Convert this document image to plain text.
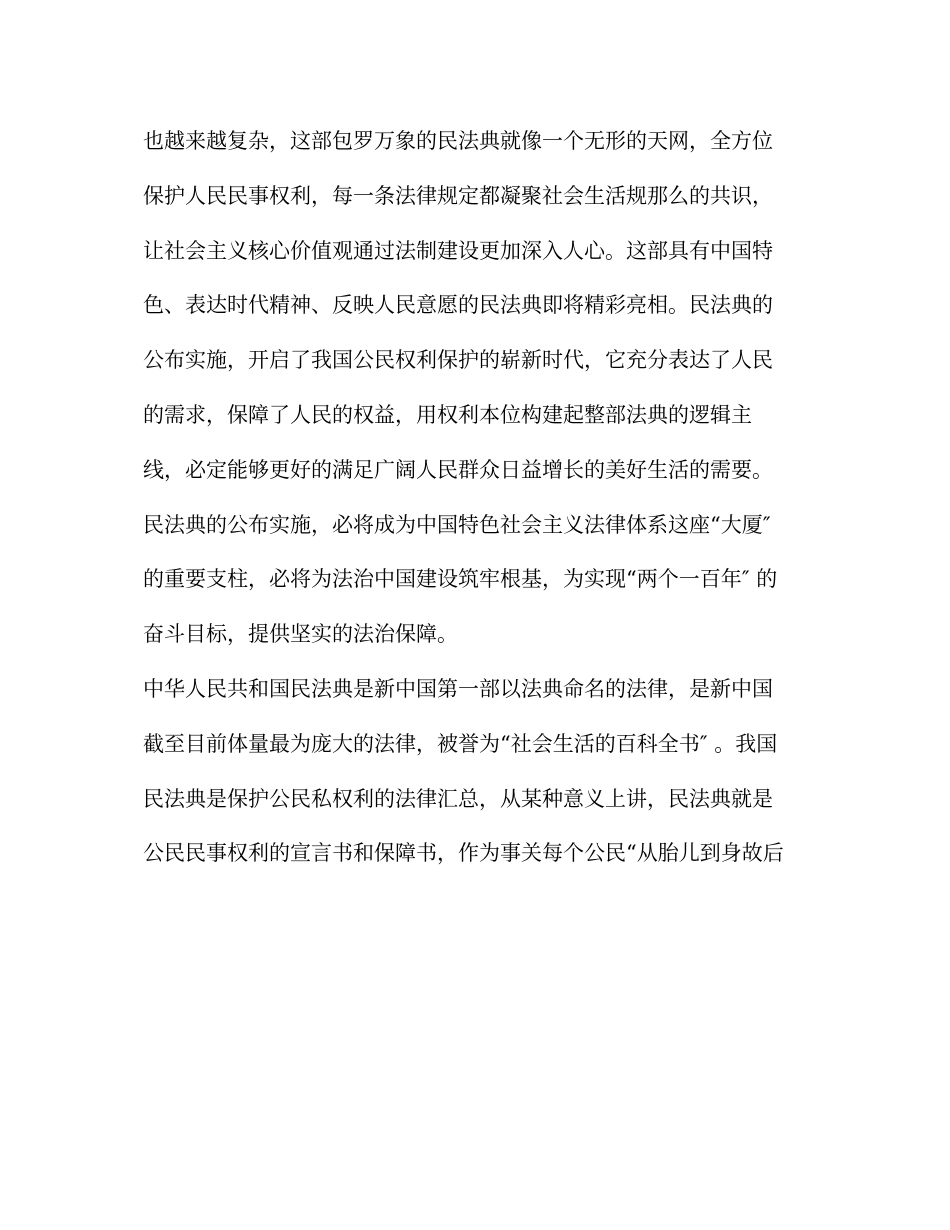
也越来越复杂，这部包罗万象的民法典就像一个无形的天网，全方位
保护人民民事权利，每一条法律规定都凝聚社会生活规那么的共识，
让社会主义核心价值观通过法制建设更加深入人心。这部具有中国特
色、表达时代精神、反映人民意愿的民法典即将精彩亮相。民法典的
公布实施，开启了我国公民权利保护的崭新时代，它充分表达了人民
的需求，保障了人民的权益，用权利本位构建起整部法典的逻辑主
线，必定能够更好的满足广阔人民群众日益增长的美好生活的需要。
民法典的公布实施，必将成为中国特色社会主义法律体系这座“大厦″
的重要支柱，必将为法治中国建设筑牢根基，为实现“两个一百年″ 的
奋斗目标，提供坚实的法治保障。
中华人民共和国民法典是新中国第一部以法典命名的法律，是新中国
截至目前体量最为庞大的法律，被誉为“社会生活的百科全书″ 。我国
民法典是保护公民私权利的法律汇总，从某种意义上讲，民法典就是
公民民事权利的宣言书和保障书，作为事关每个公民“从胎儿到身故后
